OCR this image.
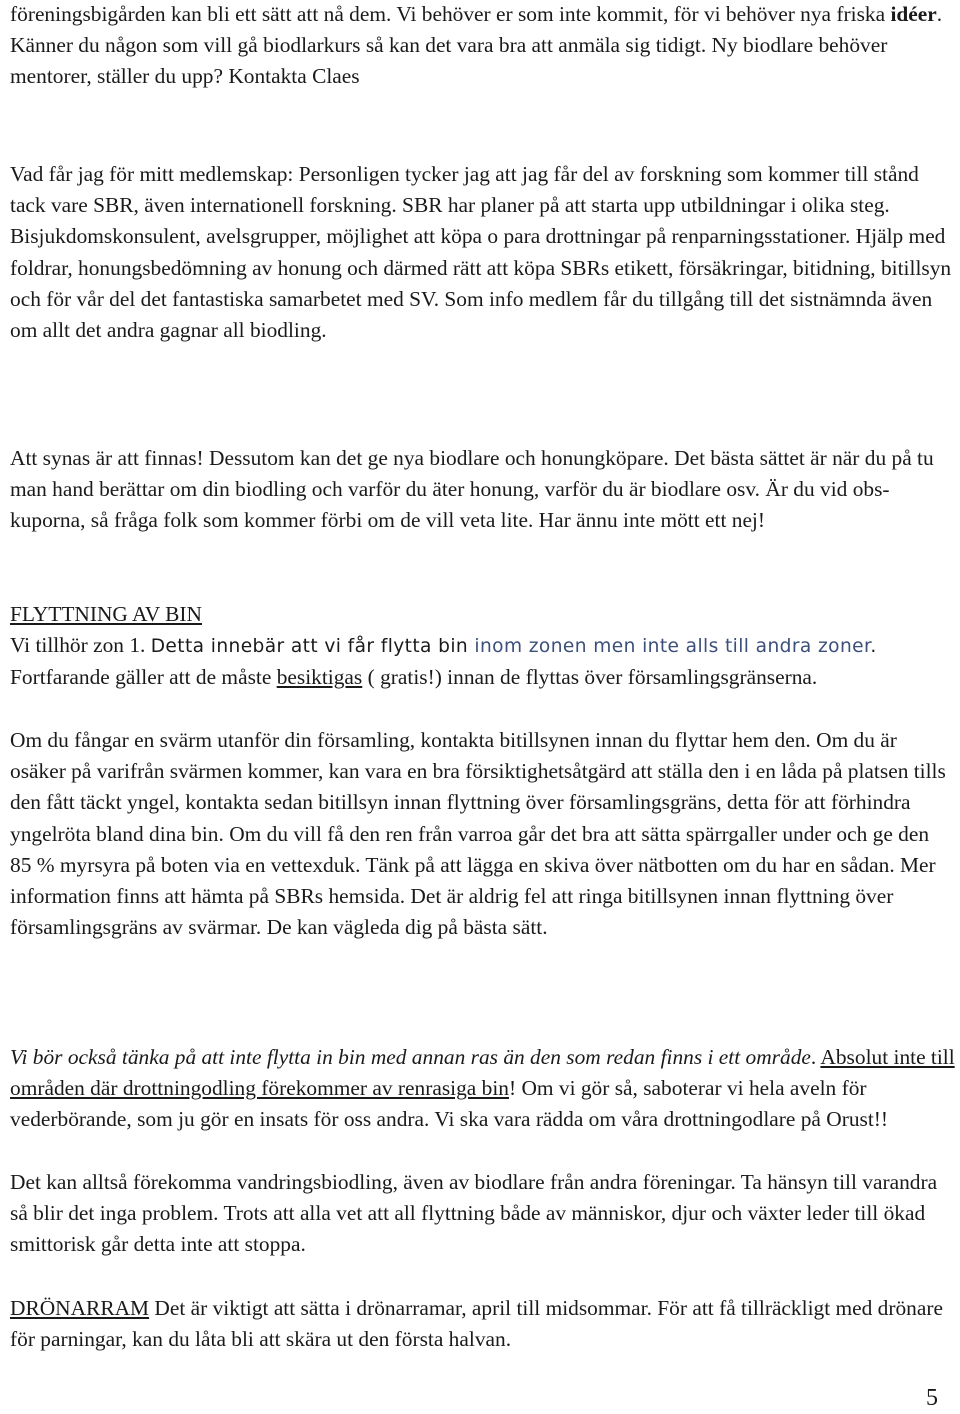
föreningsbigården kan bli ett sätt att nå dem. Vi behöver er som inte kommit, för vi behöver nya friska idéer. Känner du någon som vill gå biodlarkurs så kan det vara bra att anmäla sig tidigt. Ny biodlare behöver mentorer, ställer du upp? Kontakta Claes

Vad får jag för mitt medlemskap: Personligen tycker jag att jag får del av forskning som kommer till stånd tack vare SBR, även internationell forskning. SBR har planer på att starta upp utbildningar i olika steg. Bisjukdomskonsulent, avelsgrupper, möjlighet att köpa o para drottningar på renparningsstationer. Hjälp med foldrar, honungsbedömning av honung och därmed rätt att köpa SBRs etikett, försäkringar, bitidning, bitillsyn och för vår del det fantastiska samarbetet med SV. Som info medlem får du tillgång till det sistnämnda även om allt det andra gagnar all biodling.

Att synas är att finnas! Dessutom kan det ge nya biodlare och honungköpare. Det bästa sättet är när du på tu man hand berättar om din biodling och varför du äter honung, varför du är biodlare osv. Är du vid obs-kuporna, så fråga folk som kommer förbi om de vill veta lite. Har ännu inte mött ett nej!

FLYTTNING AV BIN
Vi tillhör zon 1. Detta innebär att vi får flytta bin inom zonen men inte alls till andra zoner. Fortfarande gäller att de måste besiktigas ( gratis!) innan de flyttas över församlingsgränserna.

Om du fångar en svärm utanför din församling, kontakta bitillsynen innan du flyttar hem den. Om du är osäker på varifrån svärmen kommer, kan vara en bra försiktighetsåtgärd att ställa den i en låda på platsen tills den fått täckt yngel, kontakta sedan bitillsyn innan flyttning över församlingsgräns, detta för att förhindra yngelröta bland dina bin. Om du vill få den ren från varroa går det bra att sätta spärrgaller under och ge den 85 % myrsyra på boten via en vettexduk. Tänk på att lägga en skiva över nätbotten om du har en sådan. Mer information finns att hämta på SBRs hemsida. Det är aldrig fel att ringa bitillsynen innan flyttning över församlingsgräns av svärmar. De kan vägleda dig på bästa sätt.

Vi bör också tänka på att inte flytta in bin med annan ras än den som redan finns i ett område. Absolut inte till områden där drottningodling förekommer av renrasiga bin! Om vi gör så, saboterar vi hela aveln för vederbörande, som ju gör en insats för oss andra. Vi ska vara rädda om våra drottningodlare på Orust!!

Det kan alltså förekomma vandringsbiodling, även av biodlare från andra föreningar. Ta hänsyn till varandra så blir det inga problem. Trots att alla vet att all flyttning både av människor, djur och växter leder till ökad smittorisk går detta inte att stoppa.

DRÖNARRAM Det är viktigt att sätta i drönarramar, april till midsommar. För att få tillräckligt med drönare för parningar, kan du låta bli att skära ut den första halvan.

5
